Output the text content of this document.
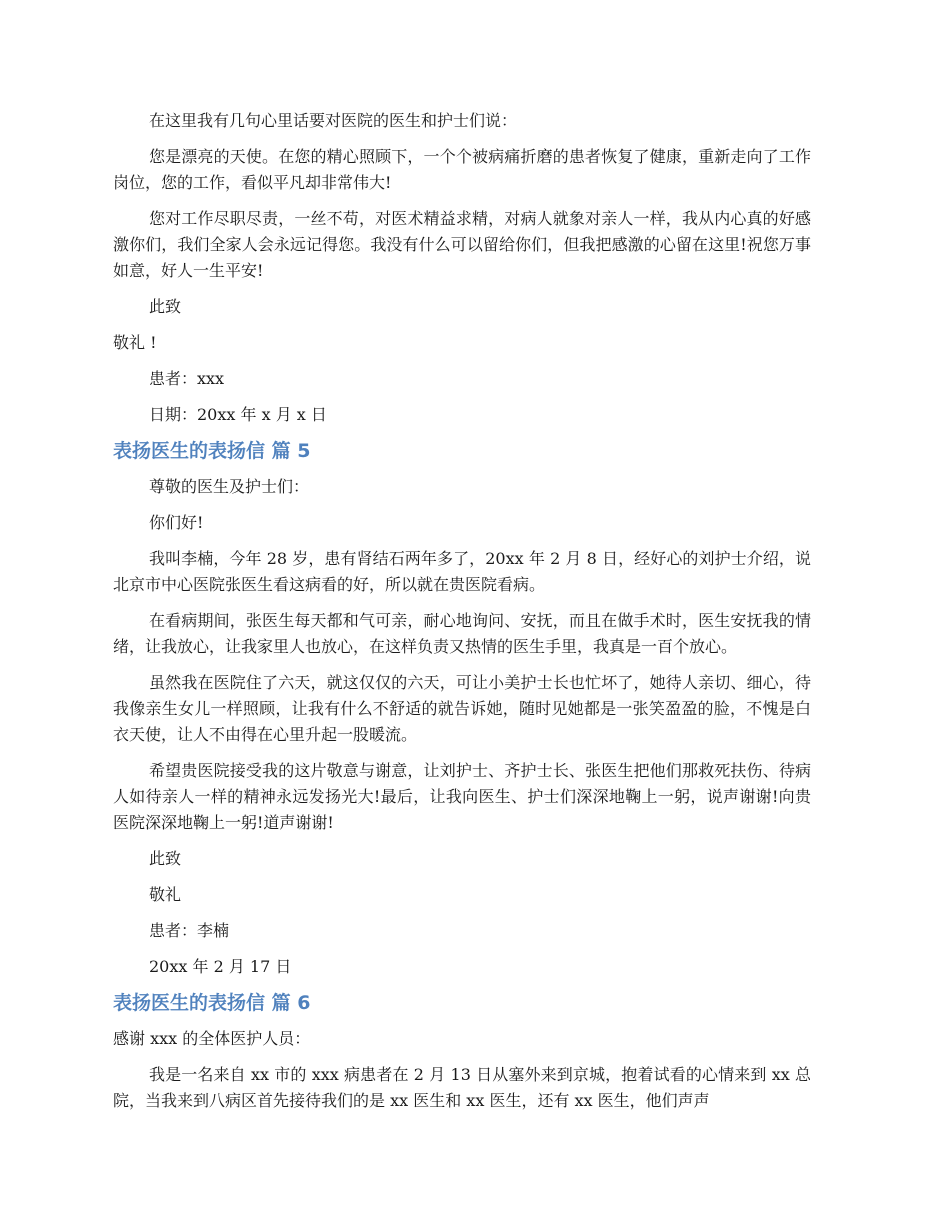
在这里我有几句心里话要对医院的医生和护士们说：

您是漂亮的天使。在您的精心照顾下，一个个被病痛折磨的患者恢复了健康，重新走向了工作岗位，您的工作，看似平凡却非常伟大!

您对工作尽职尽责，一丝不苟，对医术精益求精，对病人就象对亲人一样，我从内心真的好感激你们，我们全家人会永远记得您。我没有什么可以留给你们，但我把感激的心留在这里!祝您万事如意，好人一生平安!

此致

敬礼 !

患者：xxx

日期：20xx 年 x 月 x 日

表扬医生的表扬信 篇 5

尊敬的医生及护士们：

你们好!

我叫李楠，今年 28 岁，患有肾结石两年多了，20xx 年 2 月 8 日，经好心的刘护士介绍，说北京市中心医院张医生看这病看的好，所以就在贵医院看病。

在看病期间，张医生每天都和气可亲，耐心地询问、安抚，而且在做手术时，医生安抚我的情绪，让我放心，让我家里人也放心，在这样负责又热情的医生手里，我真是一百个放心。

虽然我在医院住了六天，就这仅仅的六天，可让小美护士长也忙坏了，她待人亲切、细心，待我像亲生女儿一样照顾，让我有什么不舒适的就告诉她，随时见她都是一张笑盈盈的脸，不愧是白衣天使，让人不由得在心里升起一股暖流。

希望贵医院接受我的这片敬意与谢意，让刘护士、齐护士长、张医生把他们那救死扶伤、待病人如待亲人一样的精神永远发扬光大!最后，让我向医生、护士们深深地鞠上一躬，说声谢谢!向贵医院深深地鞠上一躬!道声谢谢!

此致

敬礼

患者：李楠

20xx 年 2 月 17 日

表扬医生的表扬信 篇 6

感谢 xxx 的全体医护人员：

我是一名来自 xx 市的 xxx 病患者在 2 月 13 日从塞外来到京城，抱着试看的心情来到 xx 总院，当我来到八病区首先接待我们的是 xx 医生和 xx 医生，还有 xx 医生，他们声声
